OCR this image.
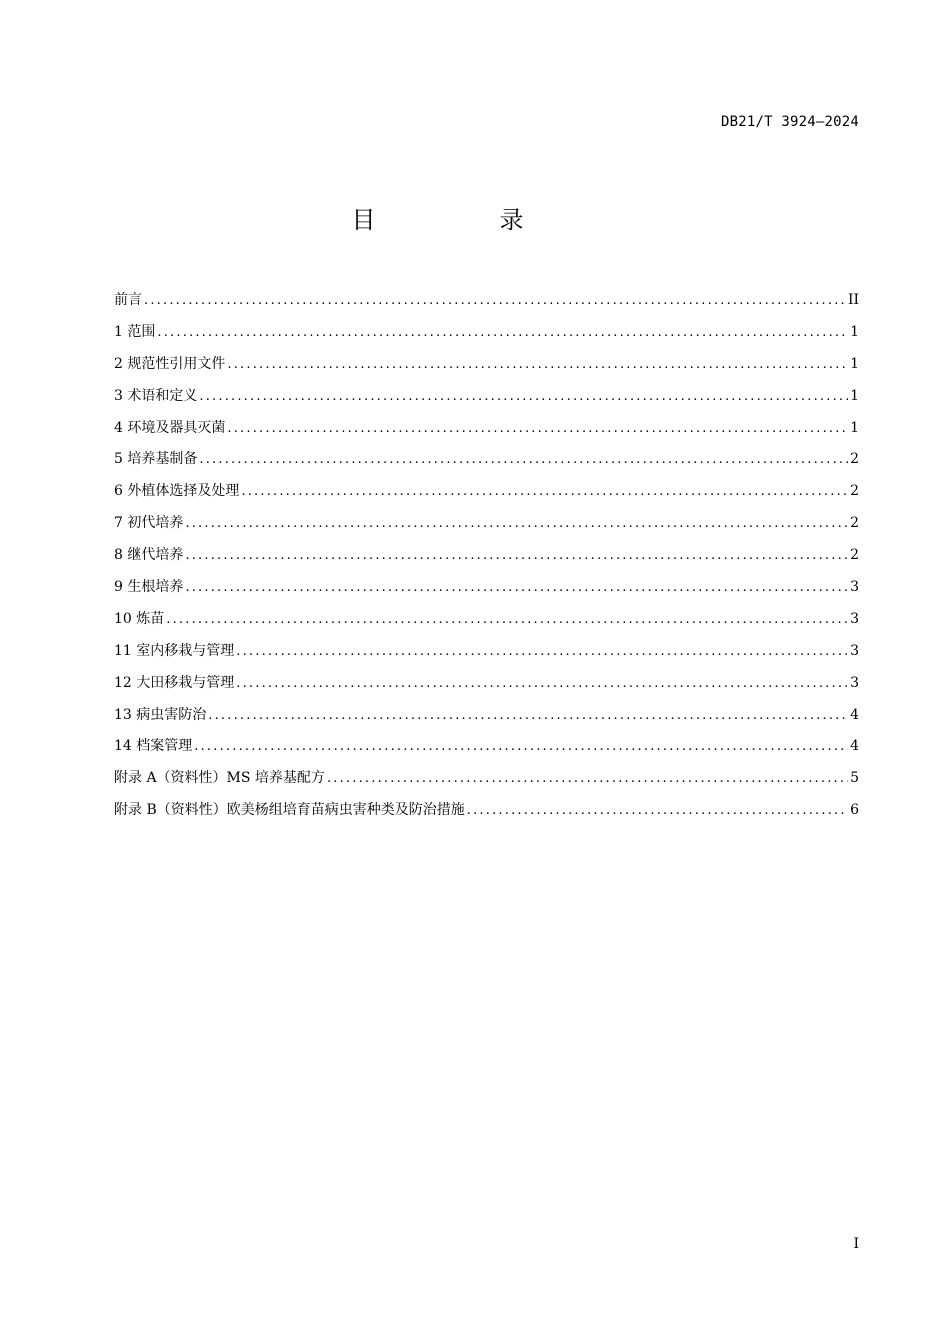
DB21/T 3924—2024
目　录
前言 .....	II
1 范围 .....	1
2 规范性引用文件 .....	1
3 术语和定义 .....	1
4 环境及器具灭菌 .....	1
5 培养基制备 .....	2
6 外植体选择及处理 .....	2
7 初代培养 .....	2
8 继代培养 .....	2
9 生根培养 .....	3
10 炼苗 .....	3
11 室内移栽与管理 .....	3
12 大田移栽与管理 .....	3
13 病虫害防治 .....	4
14 档案管理 .....	4
附录 A（资料性）MS 培养基配方 .....	5
附录 B（资料性）欧美杨组培育苗病虫害种类及防治措施 .....	6
I
